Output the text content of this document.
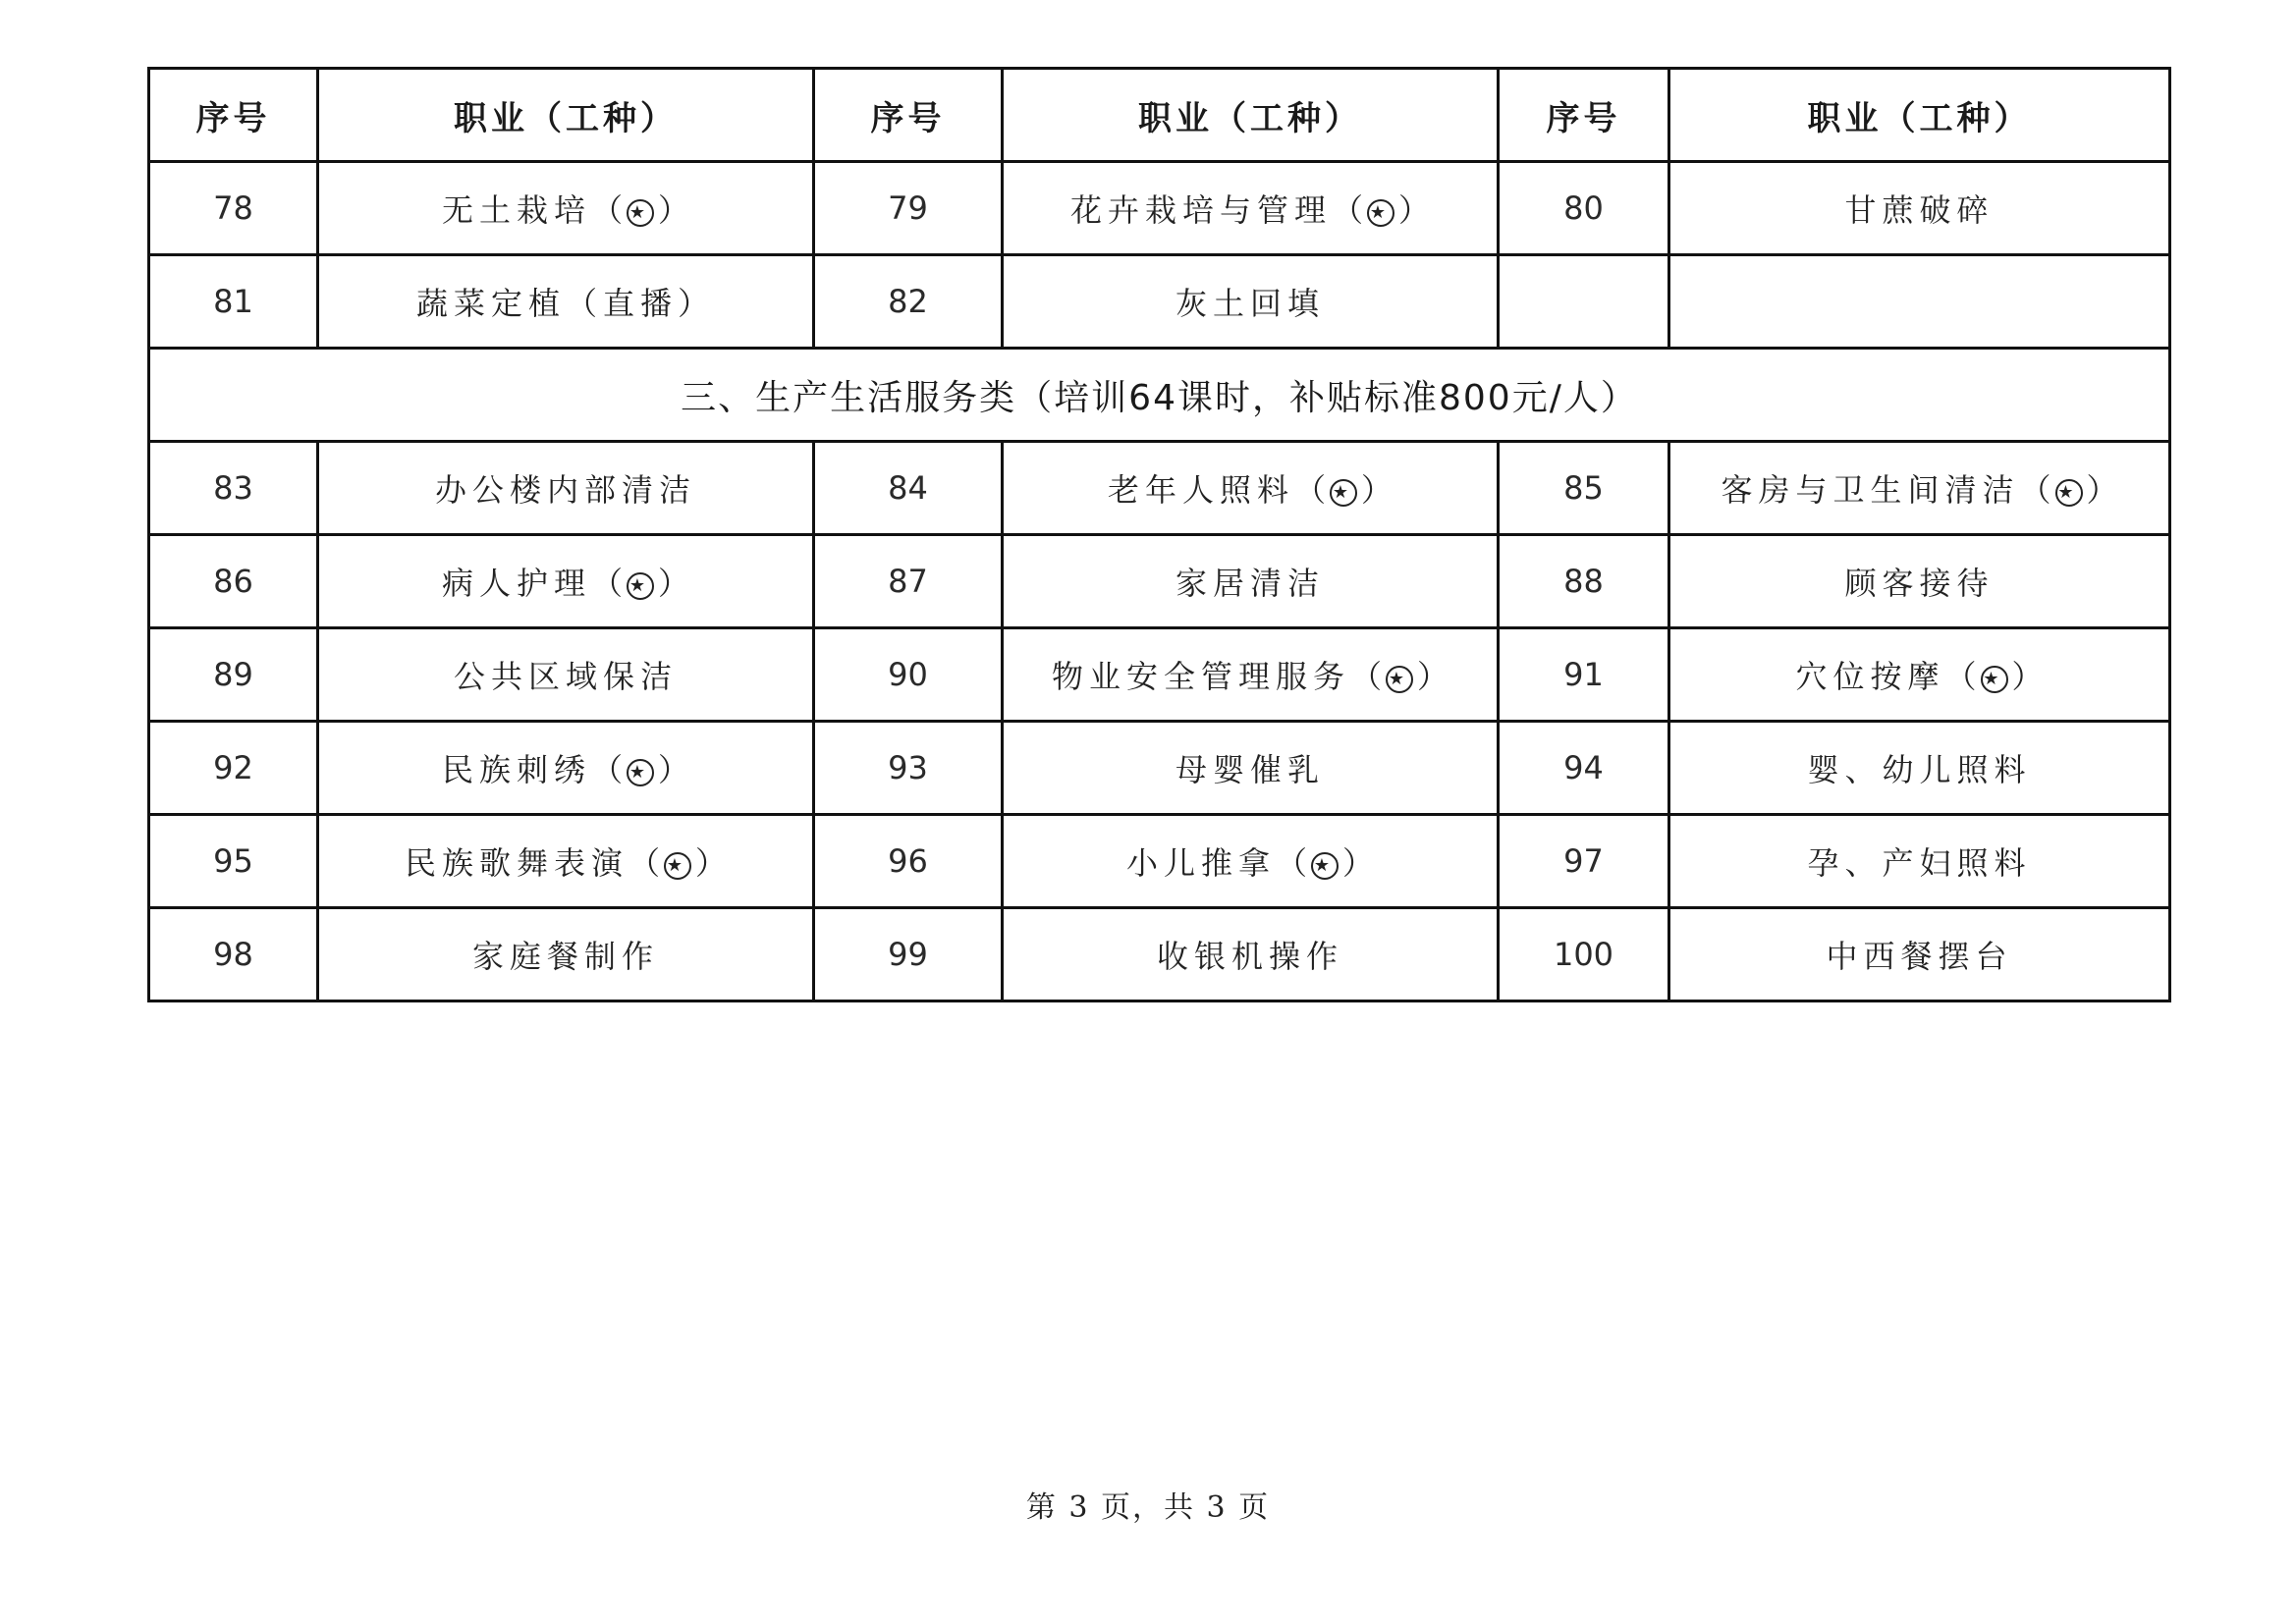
序号	职业（工种）	序号	职业（工种）	序号	职业（工种）
78	无土栽培（ ★ ）	79	花卉栽培与管理（ ★ ）	80	甘蔗破碎
81	蔬菜定植（直播）	82	灰土回填		
三、生产生活服务类（培训64课时，补贴标准800元/人）					
83	办公楼内部清洁	84	老年人照料（ ★ ）	85	客房与卫生间清洁（ ★ ）
86	病人护理（ ★ ）	87	家居清洁	88	顾客接待
89	公共区域保洁	90	物业安全管理服务（ ★ ）	91	穴位按摩（ ★ ）
92	民族刺绣（ ★ ）	93	母婴催乳	94	婴、幼儿照料
95	民族歌舞表演（ ★ ）	96	小儿推拿（ ★ ）	97	孕、产妇照料
98	家庭餐制作	99	收银机操作	100	中西餐摆台
第 3 页，共 3 页
